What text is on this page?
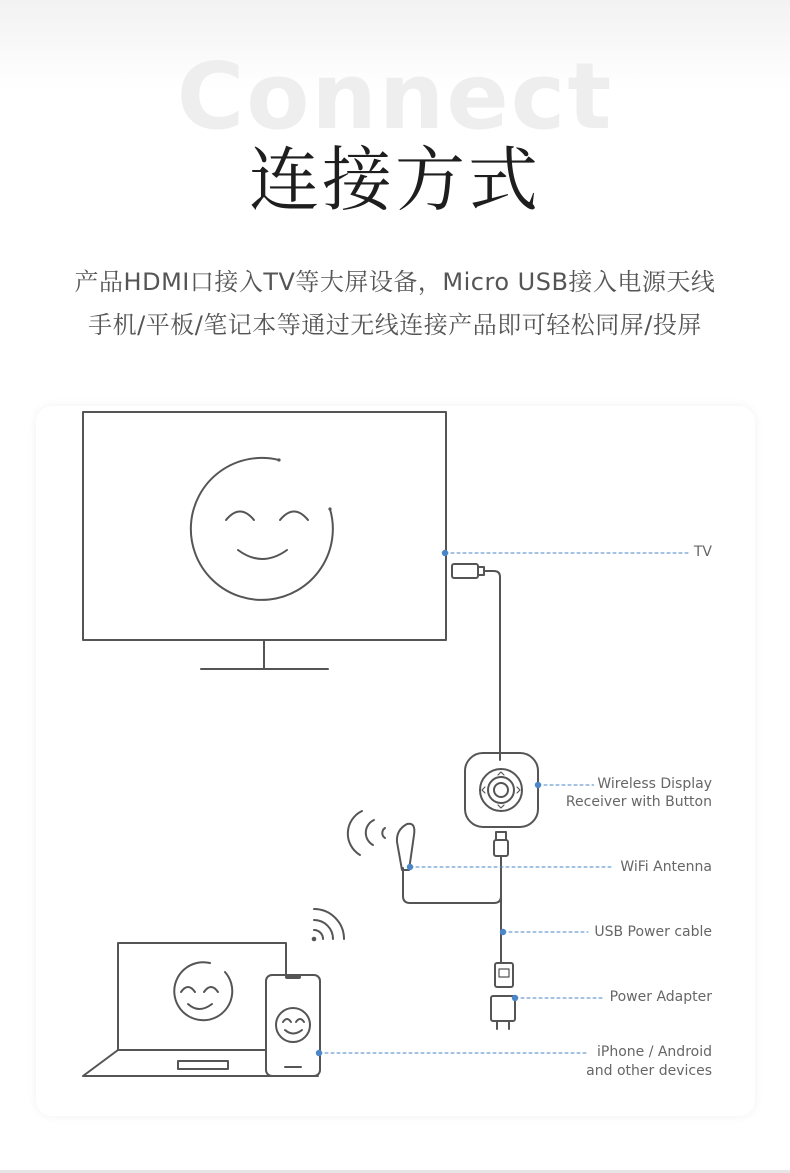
Connect
连接方式
产品HDMI口接入TV等大屏设备，Micro USB接入电源天线
手机/平板/笔记本等通过无线连接产品即可轻松同屏/投屏
TV
Wireless Display
Receiver with Button
WiFi Antenna
USB Power cable
Power Adapter
iPhone / Android
and other devices
